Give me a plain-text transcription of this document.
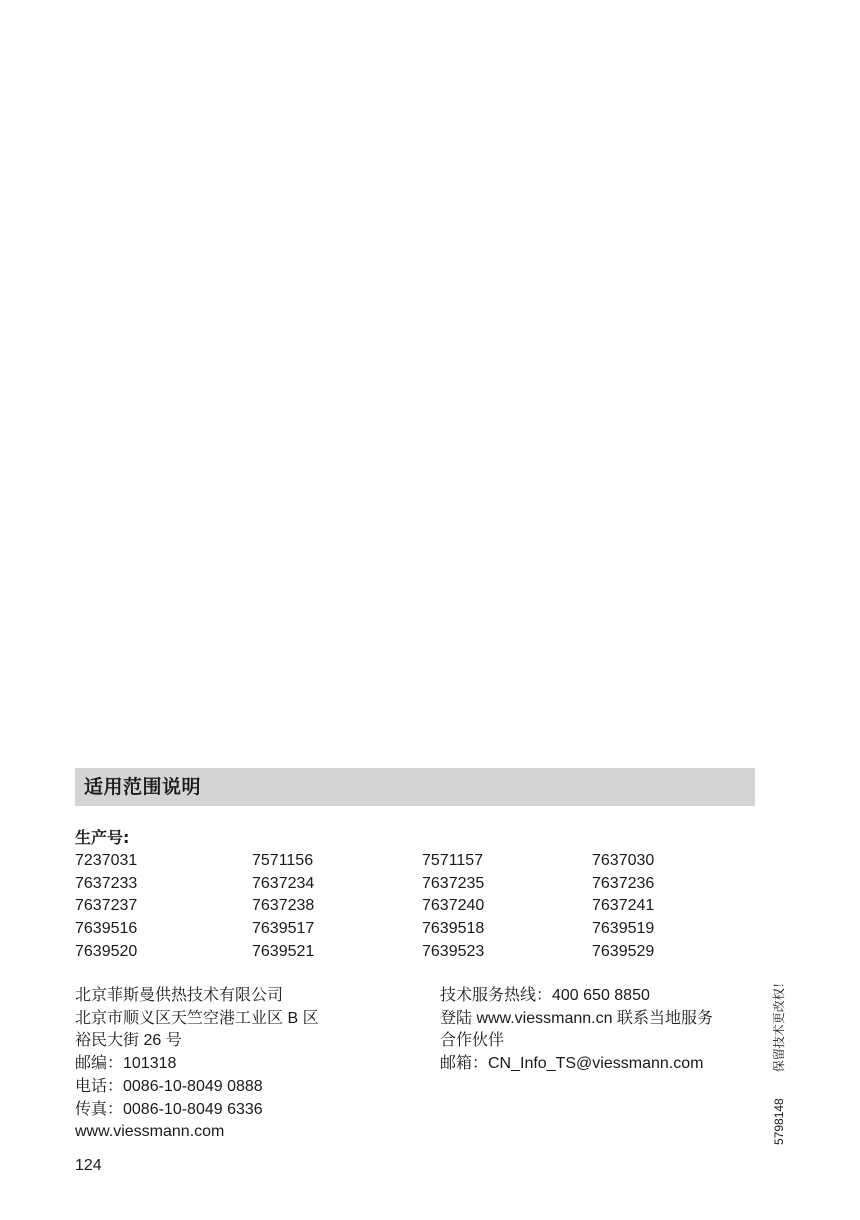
适用范围说明
生产号:
7237031	7571156	7571157	7637030
7637233	7637234	7637235	7637236
7637237	7637238	7637240	7637241
7639516	7639517	7639518	7639519
7639520	7639521	7639523	7639529
北京菲斯曼供热技术有限公司
北京市顺义区天竺空港工业区 B 区
裕民大街 26 号
邮编：101318
电话：0086-10-8049 0888
传真：0086-10-8049 6336
www.viessmann.com
技术服务热线：400 650 8850
登陆 www.viessmann.cn 联系当地服务
合作伙伴
邮箱：CN_Info_TS@viessmann.com
124
5798148保留技术更改权！
